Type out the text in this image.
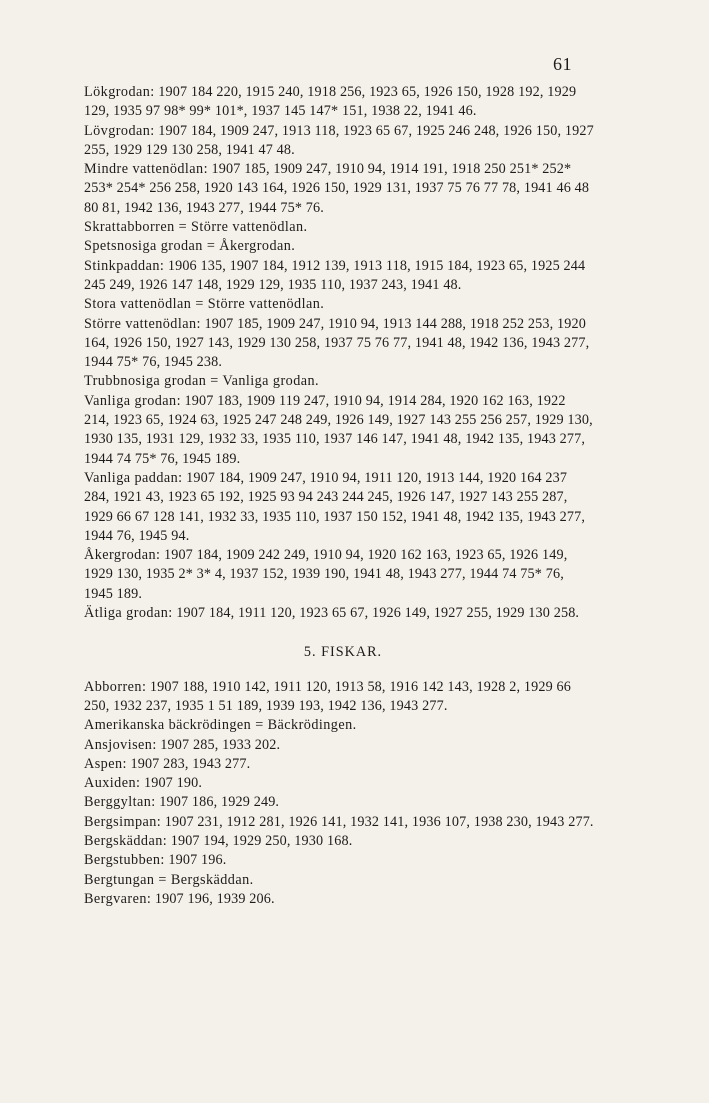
61

Lökgrodan: 1907 184 220, 1915 240, 1918 256, 1923 65, 1926 150, 1928 192, 1929 129, 1935 97 98* 99* 101*, 1937 145 147* 151, 1938 22, 1941 46.

Lövgrodan: 1907 184, 1909 247, 1913 118, 1923 65 67, 1925 246 248, 1926 150, 1927 255, 1929 129 130 258, 1941 47 48.

Mindre vattenödlan: 1907 185, 1909 247, 1910 94, 1914 191, 1918 250 251* 252* 253* 254* 256 258, 1920 143 164, 1926 150, 1929 131, 1937 75 76 77 78, 1941 46 48 80 81, 1942 136, 1943 277, 1944 75* 76.

Skrattabborren = Större vattenödlan.

Spetsnosiga grodan = Åkergrodan.

Stinkpaddan: 1906 135, 1907 184, 1912 139, 1913 118, 1915 184, 1923 65, 1925 244 245 249, 1926 147 148, 1929 129, 1935 110, 1937 243, 1941 48.

Stora vattenödlan = Större vattenödlan.

Större vattenödlan: 1907 185, 1909 247, 1910 94, 1913 144 288, 1918 252 253, 1920 164, 1926 150, 1927 143, 1929 130 258, 1937 75 76 77, 1941 48, 1942 136, 1943 277, 1944 75* 76, 1945 238.

Trubbnosiga grodan = Vanliga grodan.

Vanliga grodan: 1907 183, 1909 119 247, 1910 94, 1914 284, 1920 162 163, 1922 214, 1923 65, 1924 63, 1925 247 248 249, 1926 149, 1927 143 255 256 257, 1929 130, 1930 135, 1931 129, 1932 33, 1935 110, 1937 146 147, 1941 48, 1942 135, 1943 277, 1944 74 75* 76, 1945 189.

Vanliga paddan: 1907 184, 1909 247, 1910 94, 1911 120, 1913 144, 1920 164 237 284, 1921 43, 1923 65 192, 1925 93 94 243 244 245, 1926 147, 1927 143 255 287, 1929 66 67 128 141, 1932 33, 1935 110, 1937 150 152, 1941 48, 1942 135, 1943 277, 1944 76, 1945 94.

Åkergrodan: 1907 184, 1909 242 249, 1910 94, 1920 162 163, 1923 65, 1926 149, 1929 130, 1935 2* 3* 4, 1937 152, 1939 190, 1941 48, 1943 277, 1944 74 75* 76, 1945 189.

Ätliga grodan: 1907 184, 1911 120, 1923 65 67, 1926 149, 1927 255, 1929 130 258.

5. FISKAR.

Abborren: 1907 188, 1910 142, 1911 120, 1913 58, 1916 142 143, 1928 2, 1929 66 250, 1932 237, 1935 1 51 189, 1939 193, 1942 136, 1943 277.

Amerikanska bäckrödingen = Bäckrödingen.

Ansjovisen: 1907 285, 1933 202.

Aspen: 1907 283, 1943 277.

Auxiden: 1907 190.

Berggyltan: 1907 186, 1929 249.

Bergsimpan: 1907 231, 1912 281, 1926 141, 1932 141, 1936 107, 1938 230, 1943 277.

Bergskäddan: 1907 194, 1929 250, 1930 168.

Bergstubben: 1907 196.

Bergtungan = Bergskäddan.

Bergvaren: 1907 196, 1939 206.
